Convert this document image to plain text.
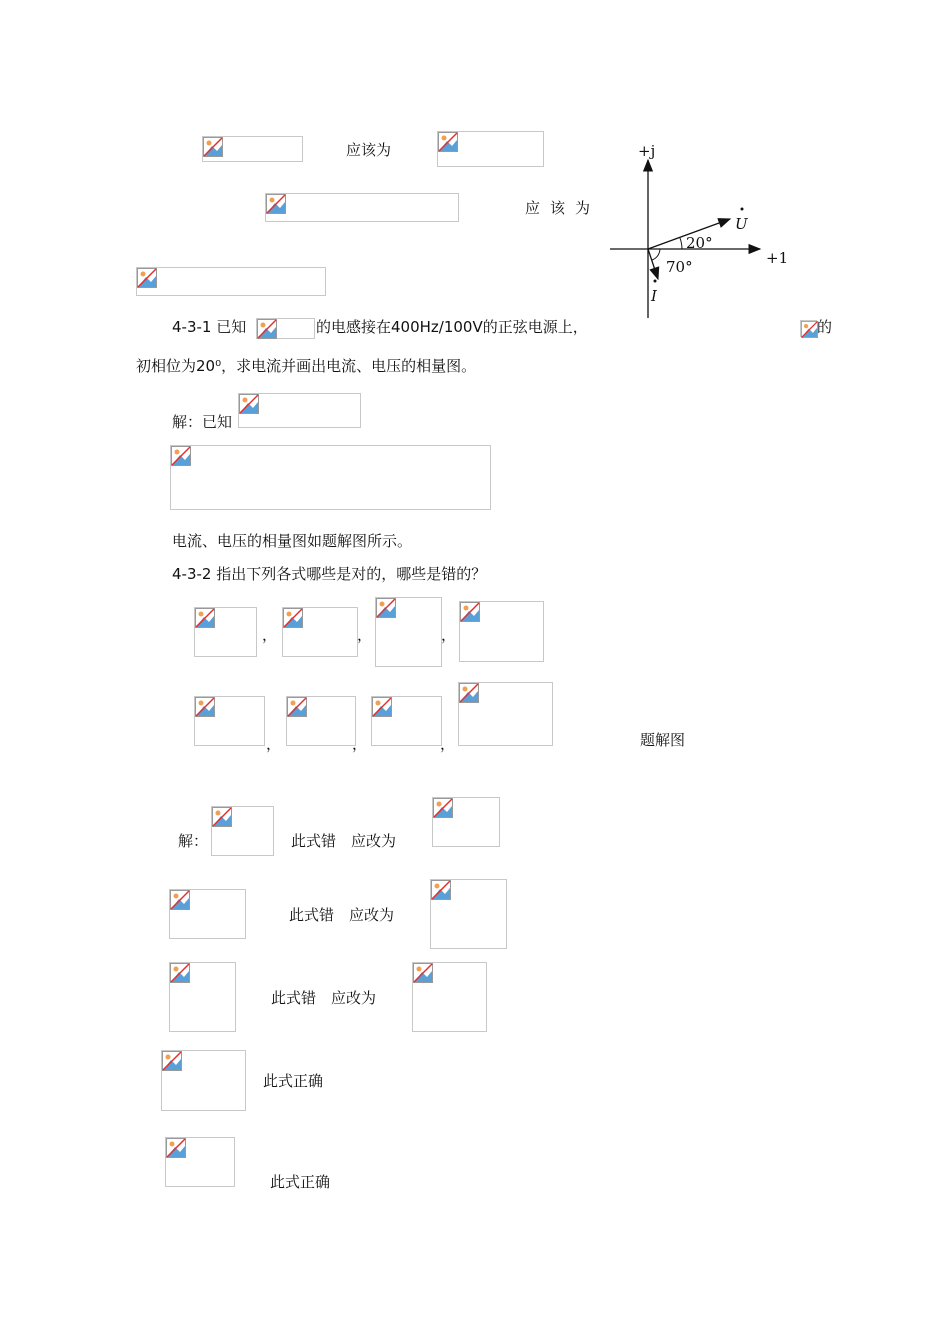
应该为
应该为
+j
+1
20°
70°
U
I
4-3-1 已知	的电感接在400Hz/100V的正弦电源上，	的
初相位为20⁰，求电流并画出电流、电压的相量图。
解：已知
电流、电压的相量图如题解图所示。
4-3-2 指出下列各式哪些是对的，哪些是错的？
，	，	，
，	，	，	题解图
解：	此式错　应改为
此式错　应改为
此式错　应改为
此式正确
此式正确
